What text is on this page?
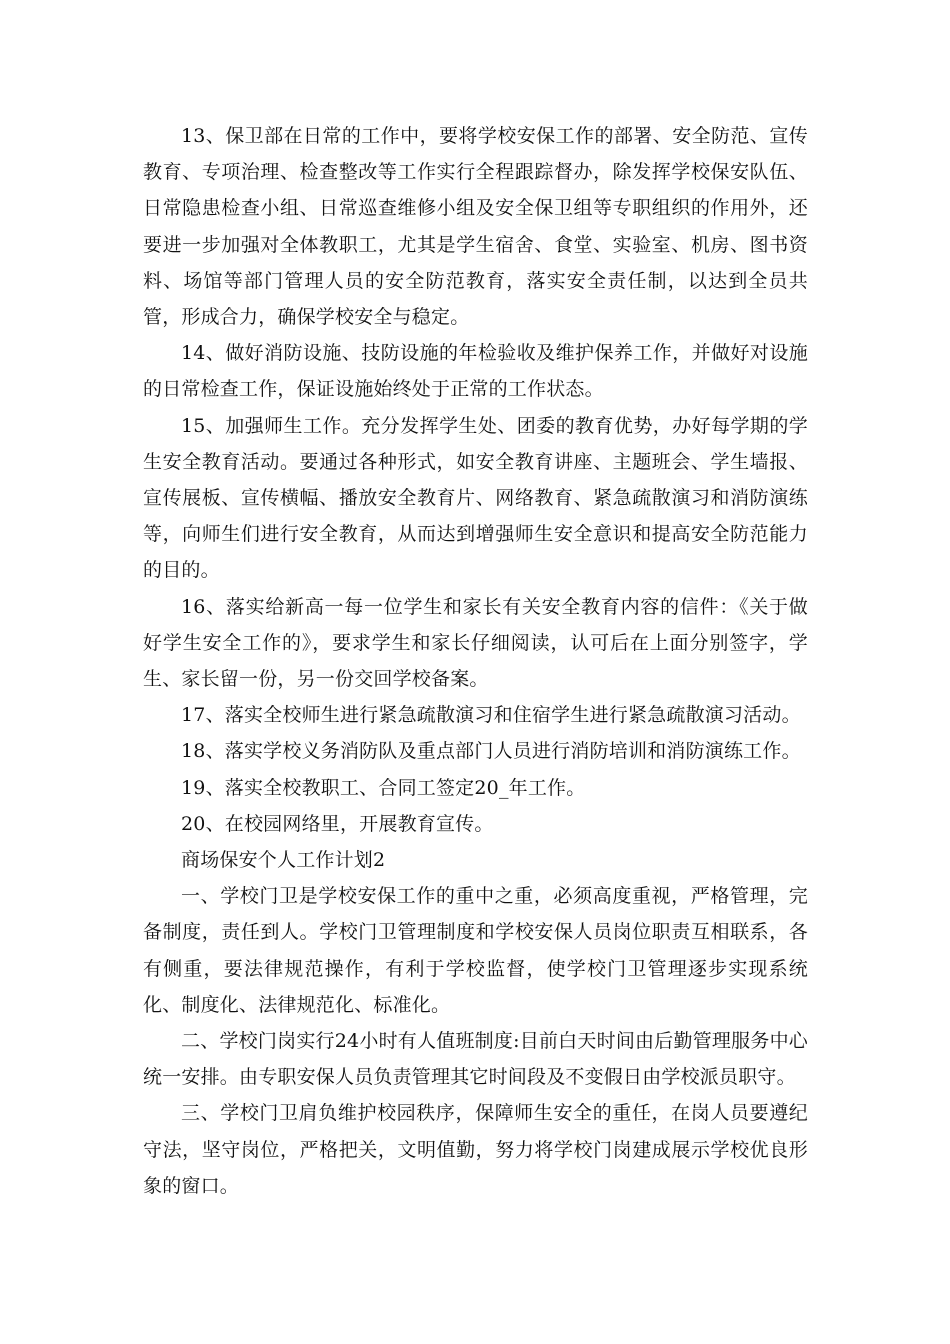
13、保卫部在日常的工作中，要将学校安保工作的部署、安全防范、宣传教育、专项治理、检查整改等工作实行全程跟踪督办，除发挥学校保安队伍、日常隐患检查小组、日常巡查维修小组及安全保卫组等专职组织的作用外，还要进一步加强对全体教职工，尤其是学生宿舍、食堂、实验室、机房、图书资料、场馆等部门管理人员的安全防范教育，落实安全责任制，以达到全员共管，形成合力，确保学校安全与稳定。

14、做好消防设施、技防设施的年检验收及维护保养工作，并做好对设施的日常检查工作，保证设施始终处于正常的工作状态。

15、加强师生工作。充分发挥学生处、团委的教育优势，办好每学期的学生安全教育活动。要通过各种形式，如安全教育讲座、主题班会、学生墙报、宣传展板、宣传横幅、播放安全教育片、网络教育、紧急疏散演习和消防演练等，向师生们进行安全教育，从而达到增强师生安全意识和提高安全防范能力的目的。

16、落实给新高一每一位学生和家长有关安全教育内容的信件：《关于做好学生安全工作的》，要求学生和家长仔细阅读，认可后在上面分别签字，学生、家长留一份，另一份交回学校备案。

17、落实全校师生进行紧急疏散演习和住宿学生进行紧急疏散演习活动。

18、落实学校义务消防队及重点部门人员进行消防培训和消防演练工作。

19、落实全校教职工、合同工签定20_年工作。

20、在校园网络里，开展教育宣传。

商场保安个人工作计划2

一、学校门卫是学校安保工作的重中之重，必须高度重视，严格管理，完备制度，责任到人。学校门卫管理制度和学校安保人员岗位职责互相联系，各有侧重，要法律规范操作，有利于学校监督，使学校门卫管理逐步实现系统化、制度化、法律规范化、标准化。

二、学校门岗实行24小时有人值班制度:目前白天时间由后勤管理服务中心统一安排。由专职安保人员负责管理其它时间段及不变假日由学校派员职守。

三、学校门卫肩负维护校园秩序，保障师生安全的重任，在岗人员要遵纪守法，坚守岗位，严格把关，文明值勤，努力将学校门岗建成展示学校优良形象的窗口。
